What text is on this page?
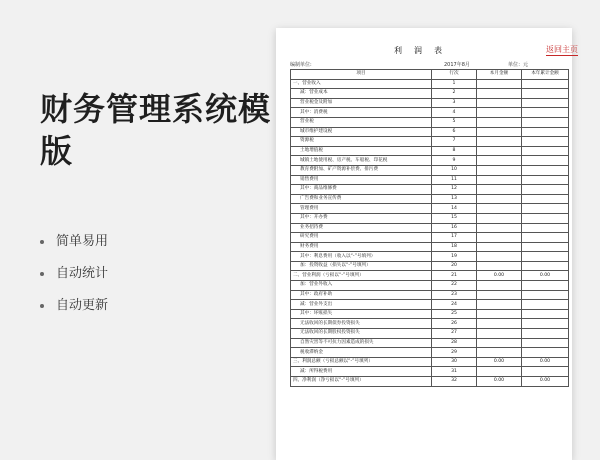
财务管理系统模版
简单易用
自动统计
自动更新
利润表	返回主页
编制单位:	2017年8月	单位：元
项目	行次	本月金额	本年累计金额
一、营业收入	1		
减：营业成本	2		
营业税金及附加	3		
其中：消费税	4		
营业税	5		
城市维护建设税	6		
资源税	7		
土地增值税	8		
城镇土地使用税、房产税、车船税、印花税	9		
教育费附加、矿产资源补偿费、排污费	10		
销售费用	11		
其中：商品维修费	12		
广告费和业务宣传费	13		
管理费用	14		
其中：开办费	15		
业务招待费	16		
研究费用	17		
财务费用	18		
其中：利息费用（收入以“-”号填列）	19		
加：投资收益（损失以“-”号填列）	20		
二、营业利润（亏损以“-”号填列）	21	0.00	0.00
加：营业外收入	22		
其中：政府补助	23		
减：营业外支出	24		
其中：坏账损失	25		
无法收回的长期债券投资损失	26		
无法收回的长期股权投资损失	27		
自然灾害等不可抗力因素造成的损失	28		
税收滞纳金	29		
三、利润总额（亏损总额以“-”号填列）	30	0.00	0.00
减：所得税费用	31		
四、净利润（净亏损以“-”号填列）	32	0.00	0.00
